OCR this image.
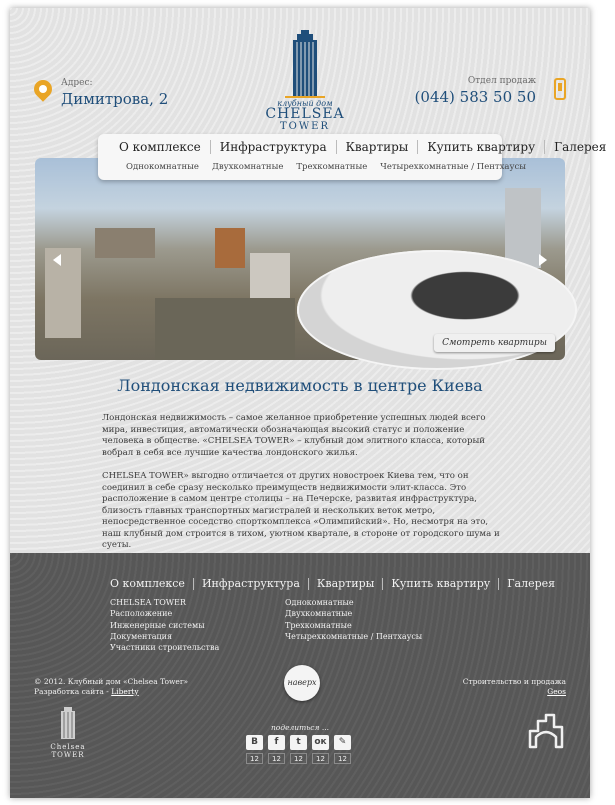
Адрес:
Димитрова, 2	клубный дом
CHELSEA
TOWER
Отдел продаж
(044) 583 50 50
О комплексе	Инфраструктура	Квартиры	Купить квартиру	Галерея
Однокомнатные Двухкомнатные Трехкомнатные Четырехкомнатные / Пентхаусы
Смотреть квартиры
Лондонская недвижимость в центре Киева
Лондонская недвижимость – самое желанное приобретение успешных людей всего мира, инвестиция, автоматически обозначающая высокий статус и положение человека в обществе. «CHELSEA TOWER» – клубный дом элитного класса, который вобрал в себя все лучшие качества лондонского жилья.
CHELSEA TOWER» выгодно отличается от других новостроек Киева тем, что он соединил в себе сразу несколько преимуществ недвижимости элит-класса. Это расположение в самом центре столицы – на Печерске, развитая инфраструктура, близость главных транспортных магистралей и нескольких веток метро, непосредственное соседство спорткомплекса «Олимпийский». Но, несмотря на это, наш клубный дом строится в тихом, уютном квартале, в стороне от городского шума и суеты.
О комплексе	Инфраструктура	Квартиры	Купить квартиру	Галерея
CHELSEA TOWER
Расположение
Инженерные системы
Документация
Участники строительства
Однокомнатные
Двухкомнатные
Трехкомнатные
Четырехкомнатные / Пентхаусы
© 2012. Клубный дом «Chelsea Tower»
Разработка сайта - Liberty
наверх	Строительство и продажа
Geos
поделиться ...
В
12
f
12
t
12
ок
12
✎
12
Chelsea
TOWER
